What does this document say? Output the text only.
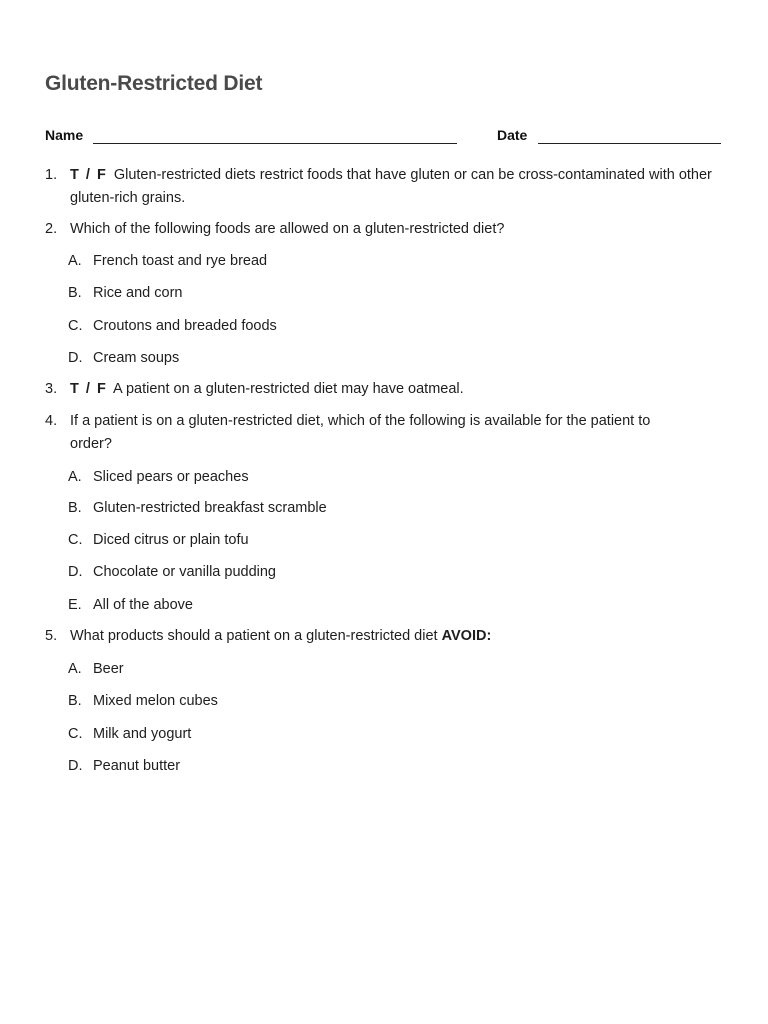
Gluten-Restricted Diet
Name	Date
1. T / F Gluten-restricted diets restrict foods that have gluten or can be cross-contaminated with other gluten-rich grains.
2. Which of the following foods are allowed on a gluten-restricted diet?
A. French toast and rye bread
B. Rice and corn
C. Croutons and breaded foods
D. Cream soups
3. T / F A patient on a gluten-restricted diet may have oatmeal.
4. If a patient is on a gluten-restricted diet, which of the following is available for the patient to order?
A. Sliced pears or peaches
B. Gluten-restricted breakfast scramble
C. Diced citrus or plain tofu
D. Chocolate or vanilla pudding
E. All of the above
5. What products should a patient on a gluten-restricted diet AVOID:
A. Beer
B. Mixed melon cubes
C. Milk and yogurt
D. Peanut butter
